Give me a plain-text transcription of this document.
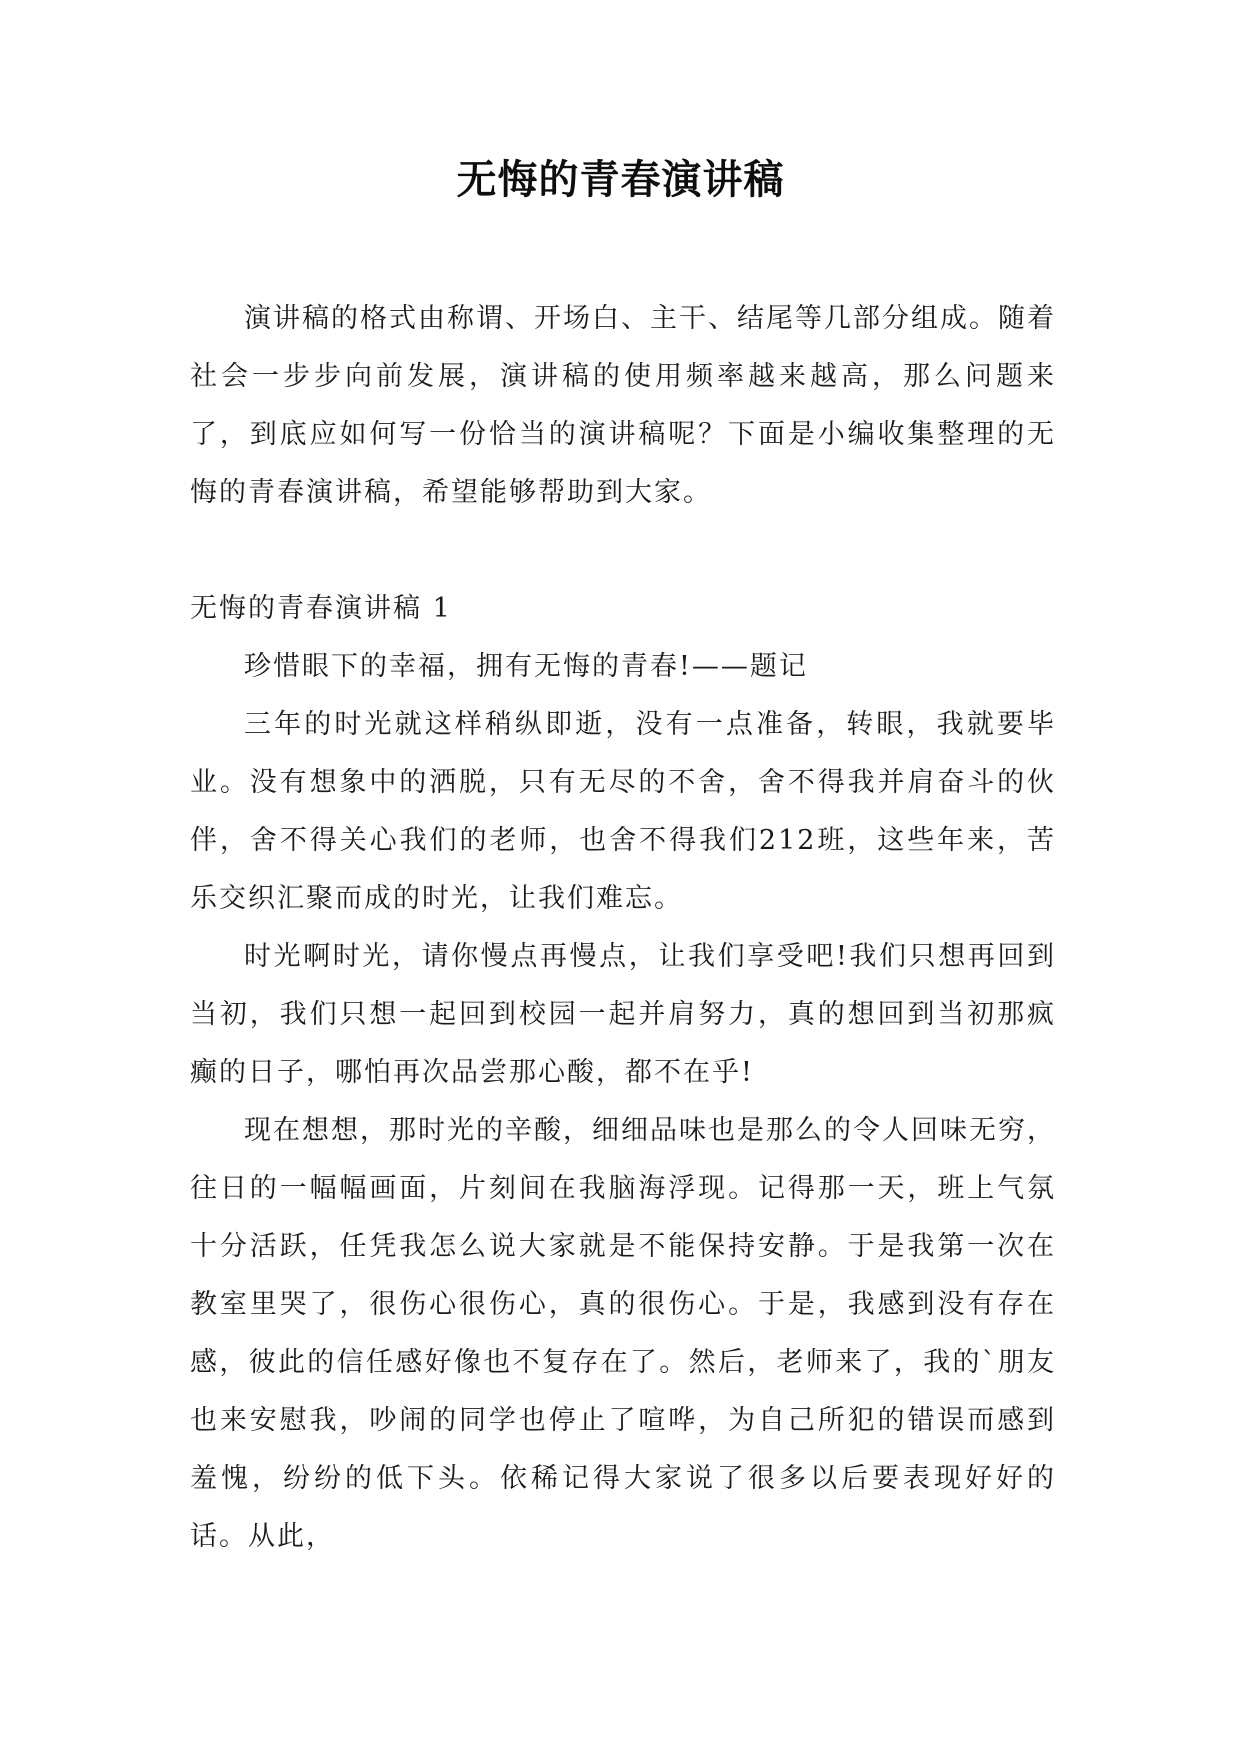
无悔的青春演讲稿

演讲稿的格式由称谓、开场白、主干、结尾等几部分组成。随着社会一步步向前发展，演讲稿的使用频率越来越高，那么问题来了，到底应如何写一份恰当的演讲稿呢？下面是小编收集整理的无悔的青春演讲稿，希望能够帮助到大家。

无悔的青春演讲稿 1

珍惜眼下的幸福，拥有无悔的青春!——题记

三年的时光就这样稍纵即逝，没有一点准备，转眼，我就要毕业。没有想象中的洒脱，只有无尽的不舍，舍不得我并肩奋斗的伙伴，舍不得关心我们的老师，也舍不得我们212班，这些年来，苦乐交织汇聚而成的时光，让我们难忘。

时光啊时光，请你慢点再慢点，让我们享受吧!我们只想再回到当初，我们只想一起回到校园一起并肩努力，真的想回到当初那疯癫的日子，哪怕再次品尝那心酸，都不在乎!

现在想想，那时光的辛酸，细细品味也是那么的令人回味无穷，往日的一幅幅画面，片刻间在我脑海浮现。记得那一天，班上气氛十分活跃，任凭我怎么说大家就是不能保持安静。于是我第一次在教室里哭了，很伤心很伤心，真的很伤心。于是，我感到没有存在感，彼此的信任感好像也不复存在了。然后，老师来了，我的`朋友也来安慰我，吵闹的同学也停止了喧哗，为自己所犯的错误而感到羞愧，纷纷的低下头。依稀记得大家说了很多以后要表现好好的话。从此，
